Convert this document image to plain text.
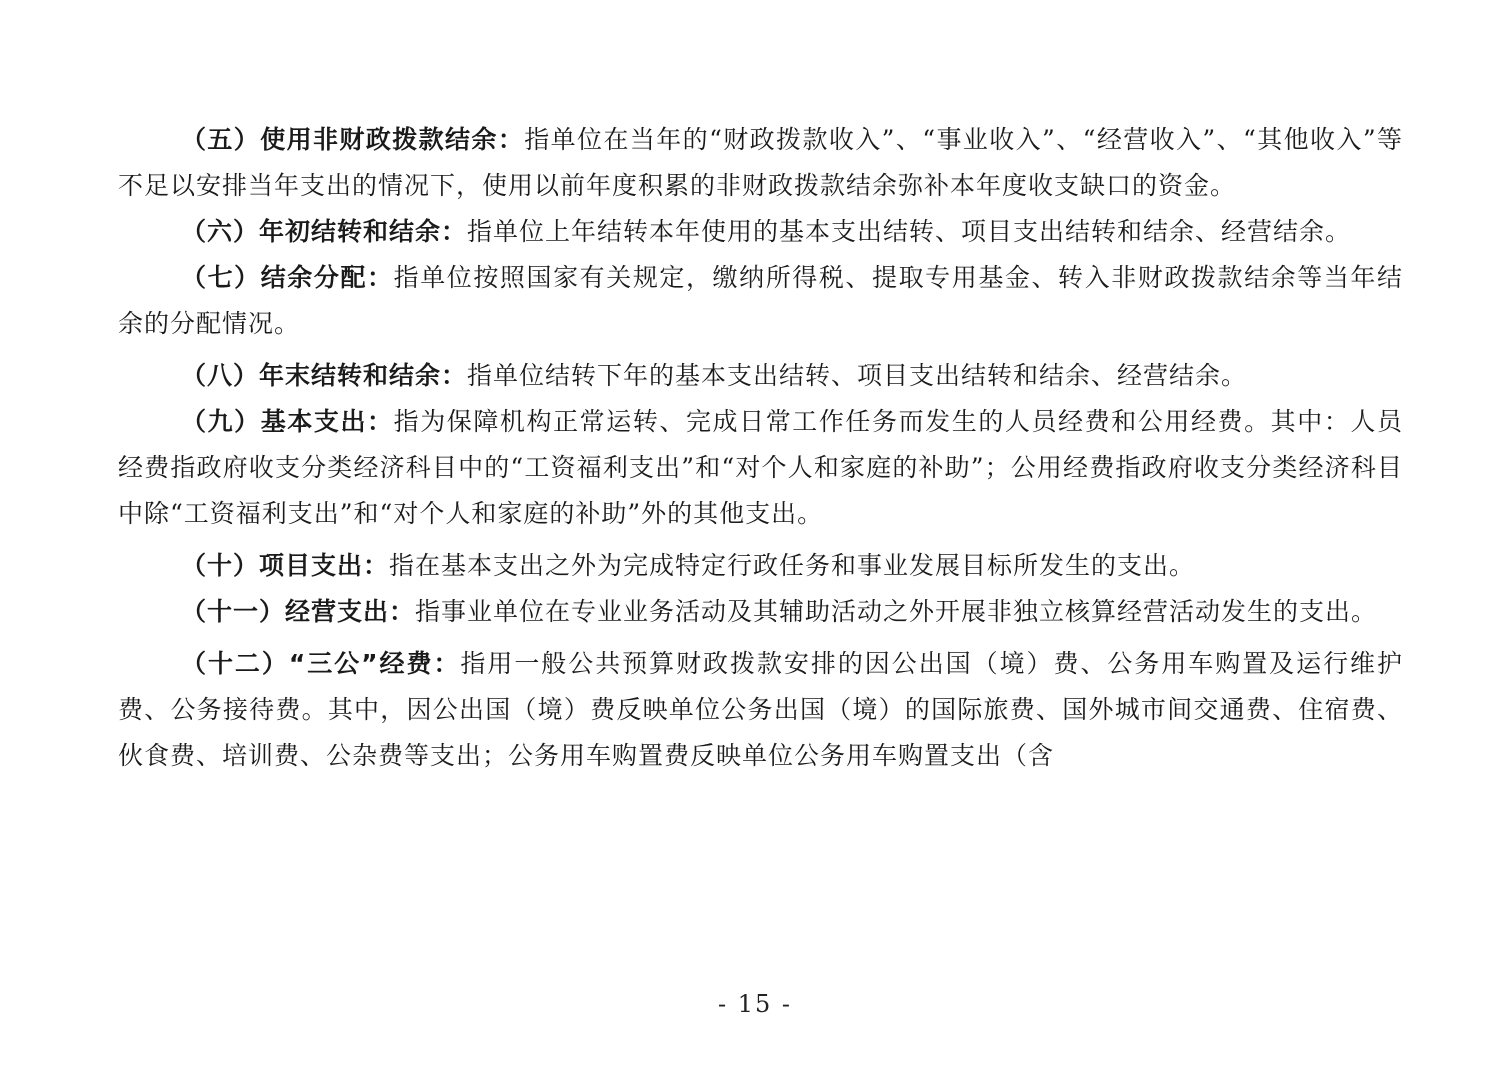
（五）使用非财政拨款结余：指单位在当年的“财政拨款收入”、“事业收入”、“经营收入”、“其他收入”等不足以安排当年支出的情况下，使用以前年度积累的非财政拨款结余弥补本年度收支缺口的资金。

（六）年初结转和结余：指单位上年结转本年使用的基本支出结转、项目支出结转和结余、经营结余。

（七）结余分配：指单位按照国家有关规定，缴纳所得税、提取专用基金、转入非财政拨款结余等当年结余的分配情况。

（八）年末结转和结余：指单位结转下年的基本支出结转、项目支出结转和结余、经营结余。

（九）基本支出：指为保障机构正常运转、完成日常工作任务而发生的人员经费和公用经费。其中：人员经费指政府收支分类经济科目中的“工资福利支出”和“对个人和家庭的补助”；公用经费指政府收支分类经济科目中除“工资福利支出”和“对个人和家庭的补助”外的其他支出。

（十）项目支出：指在基本支出之外为完成特定行政任务和事业发展目标所发生的支出。

（十一）经营支出：指事业单位在专业业务活动及其辅助活动之外开展非独立核算经营活动发生的支出。

（十二）“三公”经费：指用一般公共预算财政拨款安排的因公出国（境）费、公务用车购置及运行维护费、公务接待费。其中，因公出国（境）费反映单位公务出国（境）的国际旅费、国外城市间交通费、住宿费、伙食费、培训费、公杂费等支出；公务用车购置费反映单位公务用车购置支出（含

- 15 -
